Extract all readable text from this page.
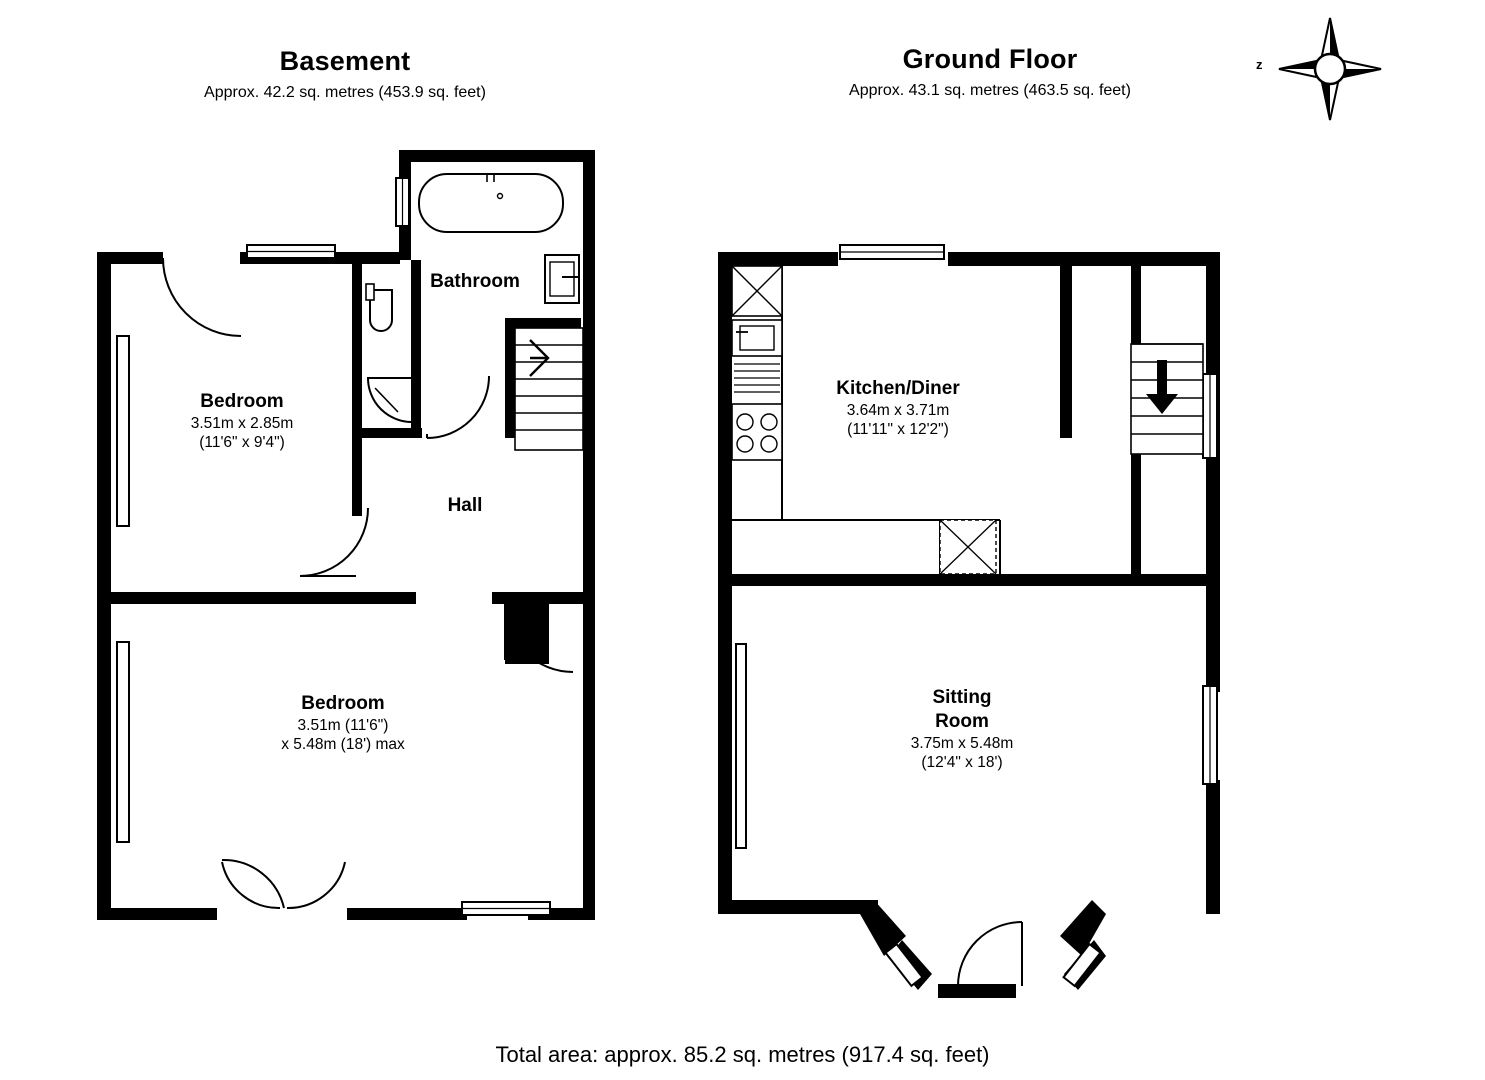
Basement
Approx. 42.2 sq. metres (453.9 sq. feet)
Ground Floor
Approx. 43.1 sq. metres (463.5 sq. feet)
Bathroom
Bedroom
3.51m x 2.85m
(11'6" x 9'4")
Hall
Bedroom
3.51m (11'6")
x 5.48m (18') max
Kitchen/Diner
3.64m x 3.71m
(11'11" x 12'2")
Sitting
Room
3.75m x 5.48m
(12'4" x 18')
Total area: approx. 85.2 sq. metres (917.4 sq. feet)
z
